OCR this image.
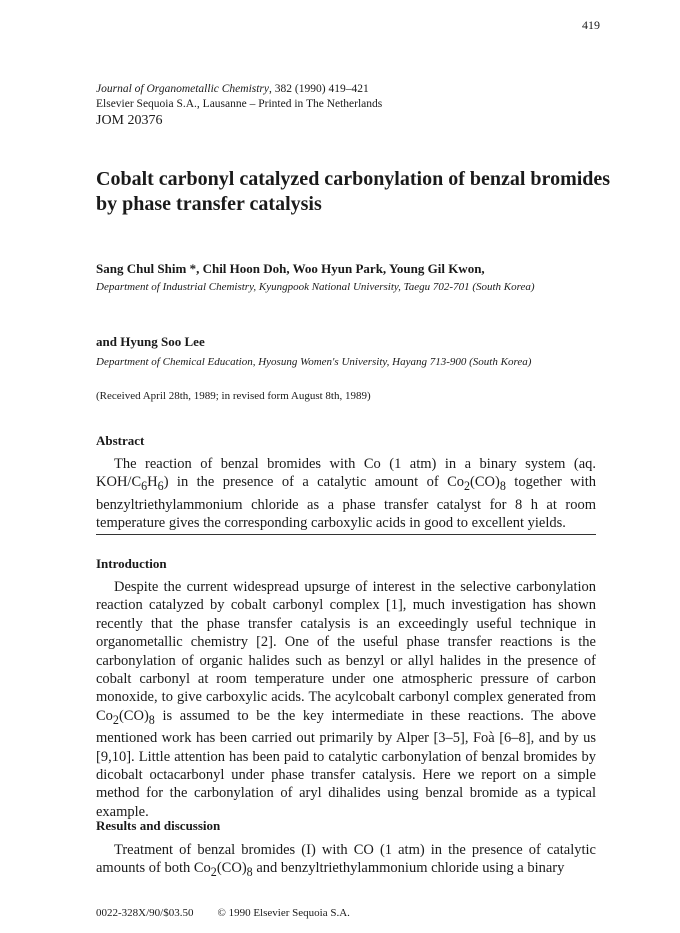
419
Journal of Organometallic Chemistry, 382 (1990) 419–421
Elsevier Sequoia S.A., Lausanne – Printed in The Netherlands
JOM 20376
Cobalt carbonyl catalyzed carbonylation of benzal bromides by phase transfer catalysis
Sang Chul Shim *, Chil Hoon Doh, Woo Hyun Park, Young Gil Kwon,
Department of Industrial Chemistry, Kyungpook National University, Taegu 702-701 (South Korea)
and Hyung Soo Lee
Department of Chemical Education, Hyosung Women's University, Hayang 713-900 (South Korea)
(Received April 28th, 1989; in revised form August 8th, 1989)
Abstract

The reaction of benzal bromides with Co (1 atm) in a binary system (aq. KOH/$C_6H_6$) in the presence of a catalytic amount of $Co_2(CO)_8$ together with benzyltriethylammonium chloride as a phase transfer catalyst for 8 h at room temperature gives the corresponding carboxylic acids in good to excellent yields.

Introduction

Despite the current widespread upsurge of interest in the selective carbonylation reaction catalyzed by cobalt carbonyl complex [1], much investigation has shown recently that the phase transfer catalysis is an exceedingly useful technique in organometallic chemistry [2]. One of the useful phase transfer reactions is the carbonylation of organic halides such as benzyl or allyl halides in the presence of cobalt carbonyl at room temperature under one atmospheric pressure of carbon monoxide, to give carboxylic acids. The acylcobalt carbonyl complex generated from $Co_2(CO)_8$ is assumed to be the key intermediate in these reactions. The above mentioned work has been carried out primarily by Alper [3–5], Foà [6–8], and by us [9,10]. Little attention has been paid to catalytic carbonylation of benzal bromides by dicobalt octacarbonyl under phase transfer catalysis. Here we report on a simple method for the carbonylation of aryl dihalides using benzal bromide as a typical example.

Results and discussion

Treatment of benzal bromides (I) with CO (1 atm) in the presence of catalytic amounts of both $Co_2(CO)_8$ and benzyltriethylammonium chloride using a binary

0022-328X/90/$03.50 © 1990 Elsevier Sequoia S.A.
